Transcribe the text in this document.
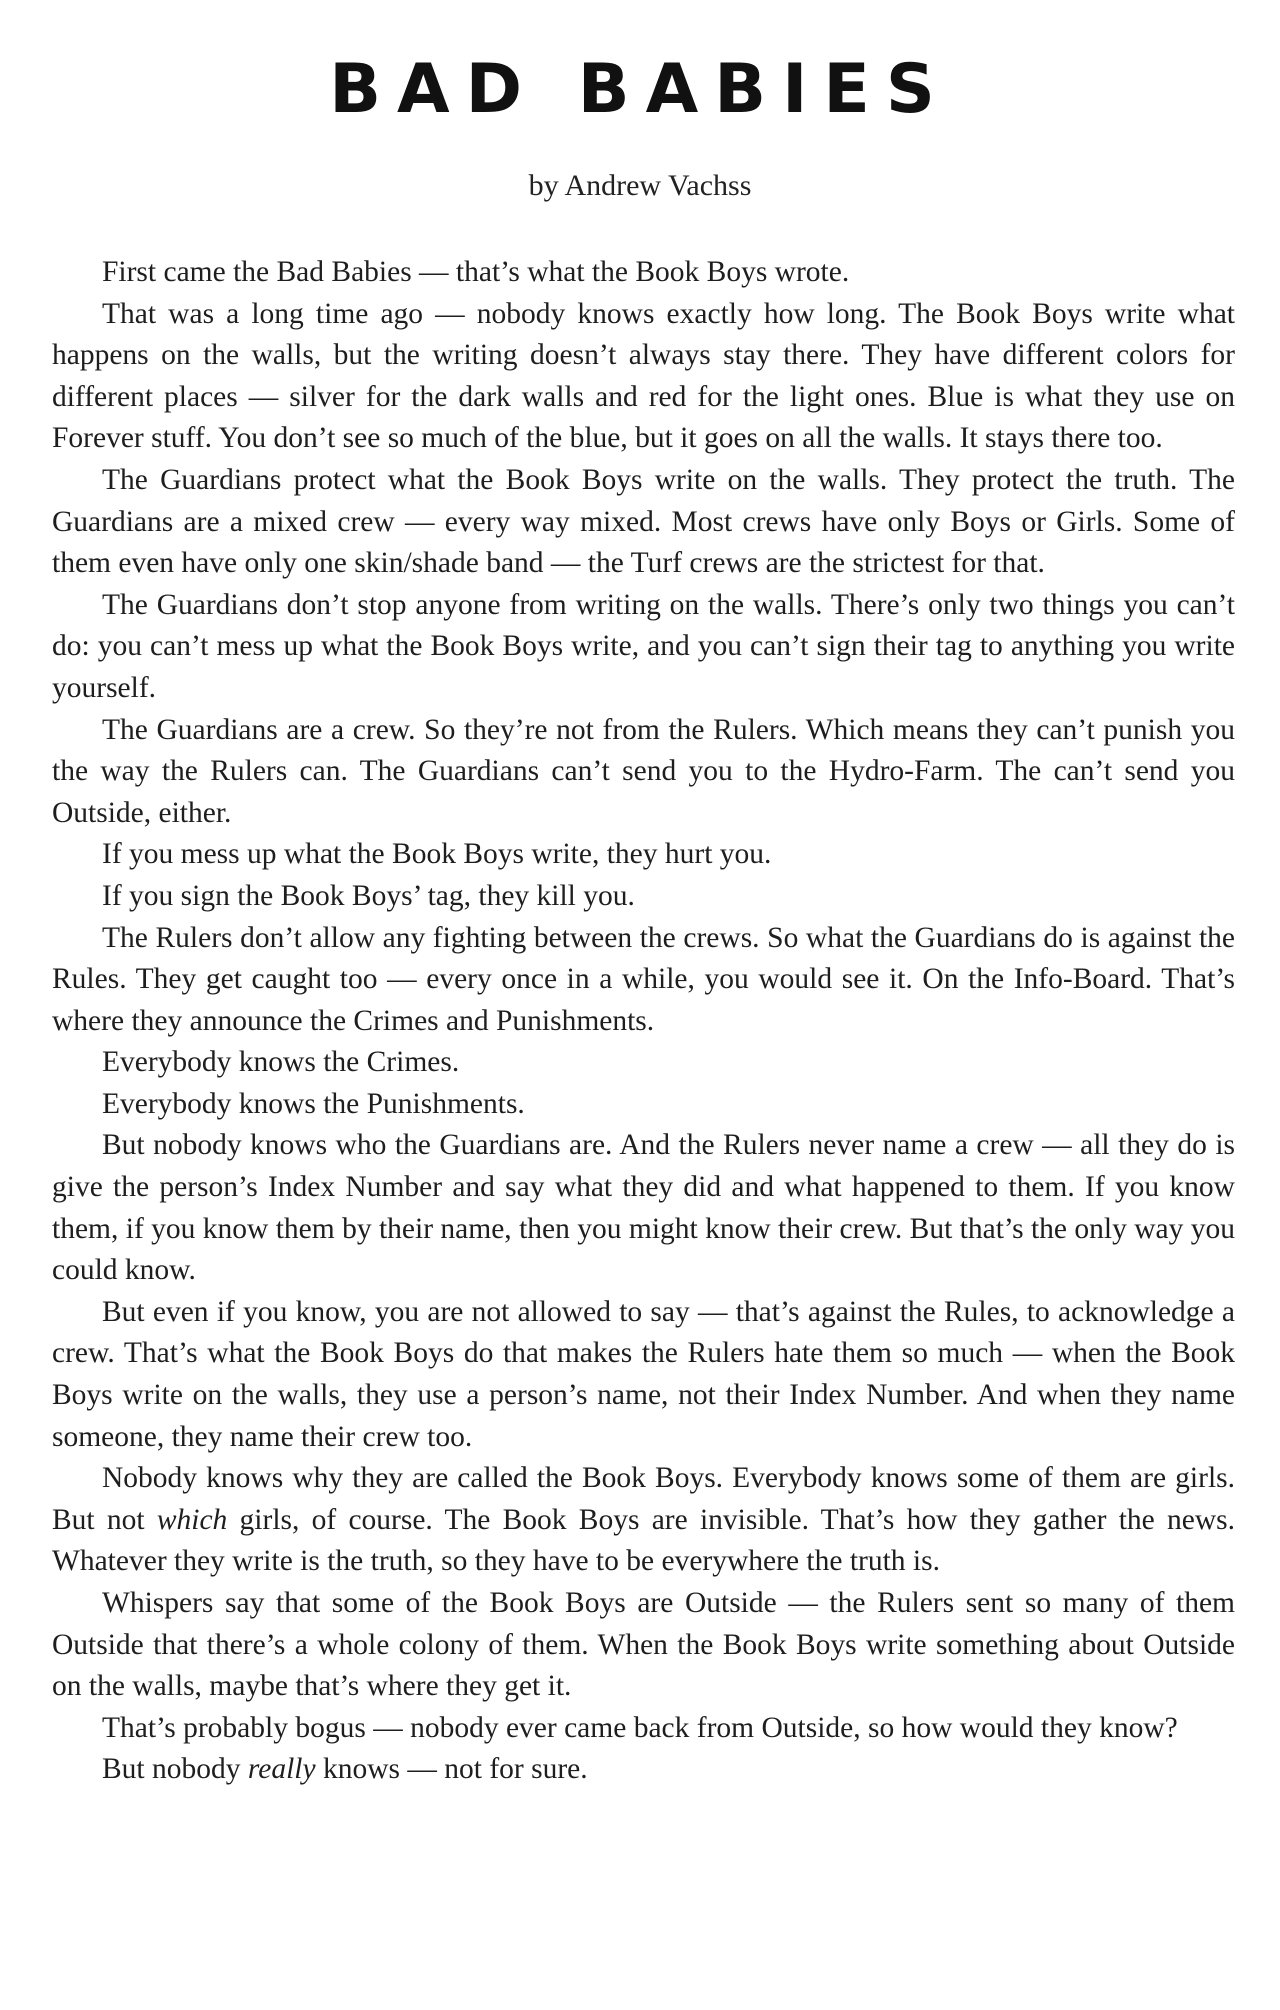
BAD BABIES
by Andrew Vachss

First came the Bad Babies — that’s what the Book Boys wrote.

That was a long time ago — nobody knows exactly how long. The Book Boys write what happens on the walls, but the writing doesn’t always stay there. They have different colors for different places — silver for the dark walls and red for the light ones. Blue is what they use on Forever stuff. You don’t see so much of the blue, but it goes on all the walls. It stays there too.

The Guardians protect what the Book Boys write on the walls. They protect the truth. The Guardians are a mixed crew — every way mixed. Most crews have only Boys or Girls. Some of them even have only one skin/shade band — the Turf crews are the strictest for that.

The Guardians don’t stop anyone from writing on the walls. There’s only two things you can’t do: you can’t mess up what the Book Boys write, and you can’t sign their tag to anything you write yourself.

The Guardians are a crew. So they’re not from the Rulers. Which means they can’t punish you the way the Rulers can. The Guardians can’t send you to the Hydro-Farm. The can’t send you Outside, either.

If you mess up what the Book Boys write, they hurt you.

If you sign the Book Boys’ tag, they kill you.

The Rulers don’t allow any fighting between the crews. So what the Guardians do is against the Rules. They get caught too — every once in a while, you would see it. On the Info-Board. That’s where they announce the Crimes and Punishments.

Everybody knows the Crimes.

Everybody knows the Punishments.

But nobody knows who the Guardians are. And the Rulers never name a crew — all they do is give the person’s Index Number and say what they did and what happened to them. If you know them, if you know them by their name, then you might know their crew. But that’s the only way you could know.

But even if you know, you are not allowed to say — that’s against the Rules, to acknowledge a crew. That’s what the Book Boys do that makes the Rulers hate them so much — when the Book Boys write on the walls, they use a person’s name, not their Index Number. And when they name someone, they name their crew too.

Nobody knows why they are called the Book Boys. Everybody knows some of them are girls. But not which girls, of course. The Book Boys are invisible. That’s how they gather the news. Whatever they write is the truth, so they have to be everywhere the truth is.

Whispers say that some of the Book Boys are Outside — the Rulers sent so many of them Outside that there’s a whole colony of them. When the Book Boys write something about Outside on the walls, maybe that’s where they get it.

That’s probably bogus — nobody ever came back from Outside, so how would they know?

But nobody really knows — not for sure.
